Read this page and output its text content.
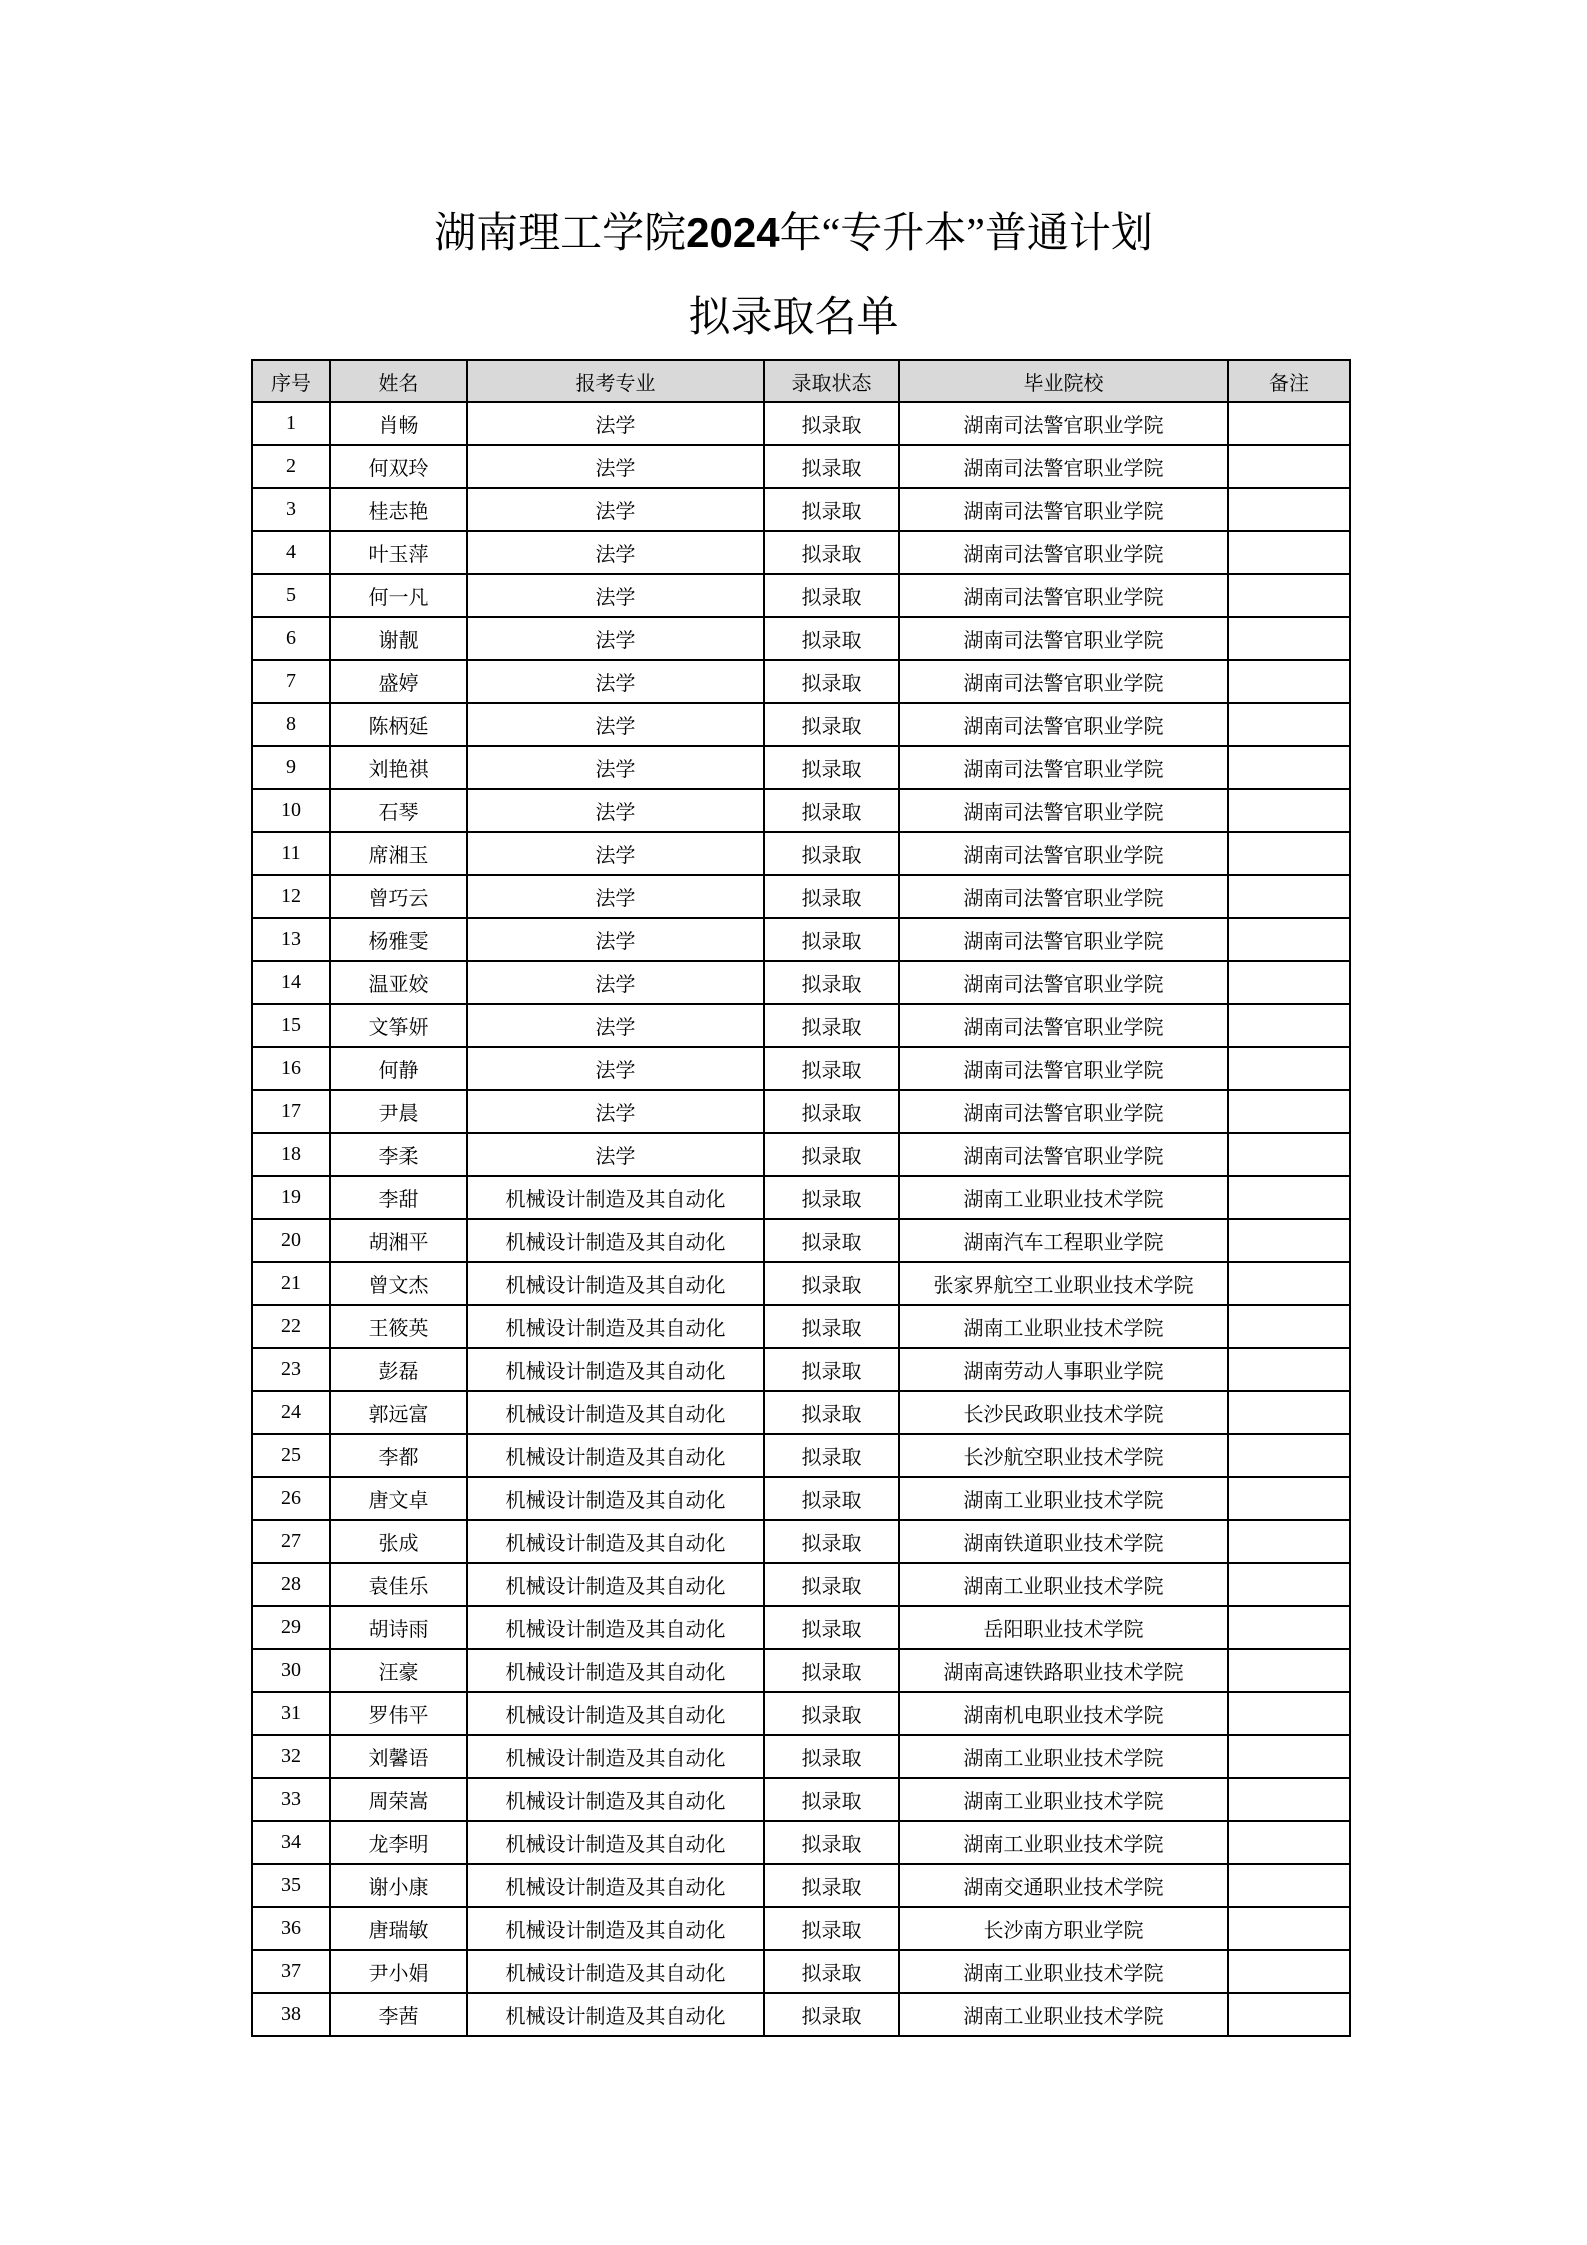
湖南理工学院2024年“专升本”普通计划
拟录取名单
序号	姓名	报考专业	录取状态	毕业院校	备注
1	肖畅	法学	拟录取	湖南司法警官职业学院	
2	何双玲	法学	拟录取	湖南司法警官职业学院	
3	桂志艳	法学	拟录取	湖南司法警官职业学院	
4	叶玉萍	法学	拟录取	湖南司法警官职业学院	
5	何一凡	法学	拟录取	湖南司法警官职业学院	
6	谢靓	法学	拟录取	湖南司法警官职业学院	
7	盛婷	法学	拟录取	湖南司法警官职业学院	
8	陈柄延	法学	拟录取	湖南司法警官职业学院	
9	刘艳祺	法学	拟录取	湖南司法警官职业学院	
10	石琴	法学	拟录取	湖南司法警官职业学院	
11	席湘玉	法学	拟录取	湖南司法警官职业学院	
12	曾巧云	法学	拟录取	湖南司法警官职业学院	
13	杨雅雯	法学	拟录取	湖南司法警官职业学院	
14	温亚姣	法学	拟录取	湖南司法警官职业学院	
15	文筝妍	法学	拟录取	湖南司法警官职业学院	
16	何静	法学	拟录取	湖南司法警官职业学院	
17	尹晨	法学	拟录取	湖南司法警官职业学院	
18	李柔	法学	拟录取	湖南司法警官职业学院	
19	李甜	机械设计制造及其自动化	拟录取	湖南工业职业技术学院	
20	胡湘平	机械设计制造及其自动化	拟录取	湖南汽车工程职业学院	
21	曾文杰	机械设计制造及其自动化	拟录取	张家界航空工业职业技术学院	
22	王筱英	机械设计制造及其自动化	拟录取	湖南工业职业技术学院	
23	彭磊	机械设计制造及其自动化	拟录取	湖南劳动人事职业学院	
24	郭远富	机械设计制造及其自动化	拟录取	长沙民政职业技术学院	
25	李都	机械设计制造及其自动化	拟录取	长沙航空职业技术学院	
26	唐文卓	机械设计制造及其自动化	拟录取	湖南工业职业技术学院	
27	张成	机械设计制造及其自动化	拟录取	湖南铁道职业技术学院	
28	袁佳乐	机械设计制造及其自动化	拟录取	湖南工业职业技术学院	
29	胡诗雨	机械设计制造及其自动化	拟录取	岳阳职业技术学院	
30	汪豪	机械设计制造及其自动化	拟录取	湖南高速铁路职业技术学院	
31	罗伟平	机械设计制造及其自动化	拟录取	湖南机电职业技术学院	
32	刘馨语	机械设计制造及其自动化	拟录取	湖南工业职业技术学院	
33	周荣嵩	机械设计制造及其自动化	拟录取	湖南工业职业技术学院	
34	龙李明	机械设计制造及其自动化	拟录取	湖南工业职业技术学院	
35	谢小康	机械设计制造及其自动化	拟录取	湖南交通职业技术学院	
36	唐瑞敏	机械设计制造及其自动化	拟录取	长沙南方职业学院	
37	尹小娟	机械设计制造及其自动化	拟录取	湖南工业职业技术学院	
38	李茜	机械设计制造及其自动化	拟录取	湖南工业职业技术学院	
